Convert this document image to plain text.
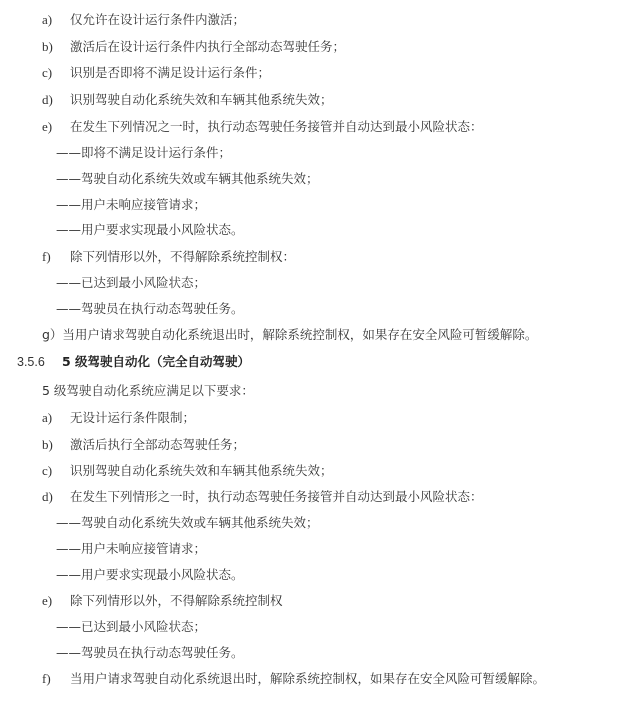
a)	仅允许在设计运行条件内激活；
b)	激活后在设计运行条件内执行全部动态驾驶任务；
c)	识别是否即将不满足设计运行条件；
d)	识别驾驶自动化系统失效和车辆其他系统失效；
e)	在发生下列情况之一时，执行动态驾驶任务接管并自动达到最小风险状态：
——即将不满足设计运行条件；
——驾驶自动化系统失效或车辆其他系统失效；
——用户未响应接管请求；
——用户要求实现最小风险状态。
f)	除下列情形以外，不得解除系统控制权：
——已达到最小风险状态；
——驾驶员在执行动态驾驶任务。
g）当用户请求驾驶自动化系统退出时，解除系统控制权，如果存在安全风险可暂缓解除。
3.5.6 5 级驾驶自动化（完全自动驾驶）
5 级驾驶自动化系统应满足以下要求：
a)	无设计运行条件限制；
b)	激活后执行全部动态驾驶任务；
c)	识别驾驶自动化系统失效和车辆其他系统失效；
d)	在发生下列情形之一时，执行动态驾驶任务接管并自动达到最小风险状态：
——驾驶自动化系统失效或车辆其他系统失效；
——用户未响应接管请求；
——用户要求实现最小风险状态。
e)	除下列情形以外，不得解除系统控制权
——已达到最小风险状态；
——驾驶员在执行动态驾驶任务。
f)	当用户请求驾驶自动化系统退出时，解除系统控制权，如果存在安全风险可暂缓解除。
